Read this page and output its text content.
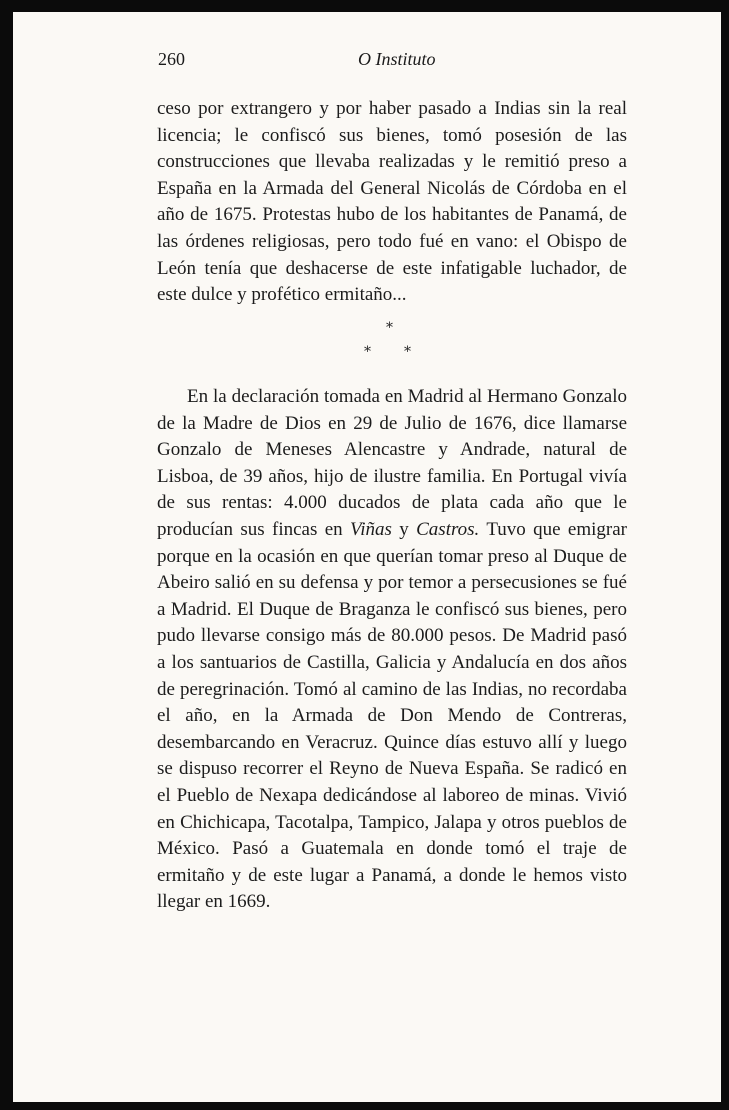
260	O Instituto

ceso por extrangero y por haber pasado a Indias sin la real licencia; le confiscó sus bienes, tomó posesión de las construcciones que llevaba realizadas y le remitió preso a España en la Armada del General Nicolás de Córdoba en el año de 1675. Protestas hubo de los habitantes de Panamá, de las órdenes religiosas, pero todo fué en vano: el Obispo de León tenía que deshacerse de este infatigable luchador, de este dulce y profético ermitaño...

*
* *

En la declaración tomada en Madrid al Hermano Gonzalo de la Madre de Dios en 29 de Julio de 1676, dice llamarse Gonzalo de Meneses Alencastre y Andrade, natural de Lisboa, de 39 años, hijo de ilustre familia. En Portugal vivía de sus rentas: 4.000 ducados de plata cada año que le producían sus fincas en Viñas y Castros. Tuvo que emigrar porque en la ocasión en que querían tomar preso al Duque de Abeiro salió en su defensa y por temor a persecusiones se fué a Madrid. El Duque de Braganza le confiscó sus bienes, pero pudo llevarse consigo más de 80.000 pesos. De Madrid pasó a los santuarios de Castilla, Galicia y Andalucía en dos años de peregrinación. Tomó al camino de las Indias, no recordaba el año, en la Armada de Don Mendo de Contreras, desembarcando en Veracruz. Quince días estuvo allí y luego se dispuso recorrer el Reyno de Nueva España. Se radicó en el Pueblo de Nexapa dedicándose al laboreo de minas. Vivió en Chichicapa, Tacotalpa, Tampico, Jalapa y otros pueblos de México. Pasó a Guatemala en donde tomó el traje de ermitaño y de este lugar a Panamá, a donde le hemos visto llegar en 1669.
